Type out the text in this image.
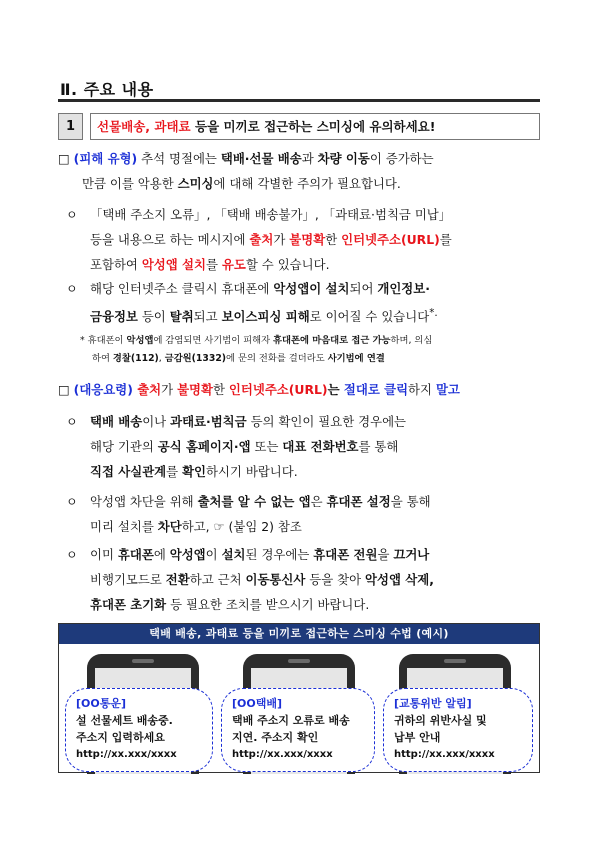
Ⅱ. 주요 내용
1	선물배송, 과태료 등을 미끼로 접근하는 스미싱에 유의하세요!
□ (피해 유형) 추석 명절에는 택배·선물 배송과 차량 이동이 증가하는
만큼 이를 악용한 스미싱에 대해 각별한 주의가 필요합니다.
ㅇ 「택배 주소지 오류」, 「택배 배송불가」, 「과태료·범칙금 미납」
등을 내용으로 하는 메시지에 출처가 불명확한 인터넷주소(URL)를
포함하여 악성앱 설치를 유도할 수 있습니다.
ㅇ 해당 인터넷주소 클릭시 휴대폰에 악성앱이 설치되어 개인정보·
금융정보 등이 탈취되고 보이스피싱 피해로 이어질 수 있습니다*.
* 휴대폰이 악성앱에 감염되면 사기범이 피해자 휴대폰에 마음대로 접근 가능하며, 의심
하여 경찰(112), 금감원(1332)에 문의 전화를 걸더라도 사기범에 연결
□ (대응요령) 출처가 불명확한 인터넷주소(URL)는 절대로 클릭하지 말고
ㅇ 택배 배송이나 과태료·범칙금 등의 확인이 필요한 경우에는
해당 기관의 공식 홈페이지·앱 또는 대표 전화번호를 통해
직접 사실관계를 확인하시기 바랍니다.
ㅇ 악성앱 차단을 위해 출처를 알 수 없는 앱은 휴대폰 설정을 통해
미리 설치를 차단하고, ☞ (붙임 2) 참조
ㅇ 이미 휴대폰에 악성앱이 설치된 경우에는 휴대폰 전원을 끄거나
비행기모드로 전환하고 근처 이동통신사 등을 찾아 악성앱 삭제,
휴대폰 초기화 등 필요한 조치를 받으시기 바랍니다.
택배 배송, 과태료 등을 미끼로 접근하는 스미싱 수법 (예시)
[OO통운]
설 선물세트 배송중.
주소지 입력하세요
http://xx.xxx/xxxx
[OO택배]
택배 주소지 오류로 배송
지연. 주소지 확인
http://xx.xxx/xxxx
[교통위반 알림]
귀하의 위반사실 및
납부 안내
http://xx.xxx/xxxx
